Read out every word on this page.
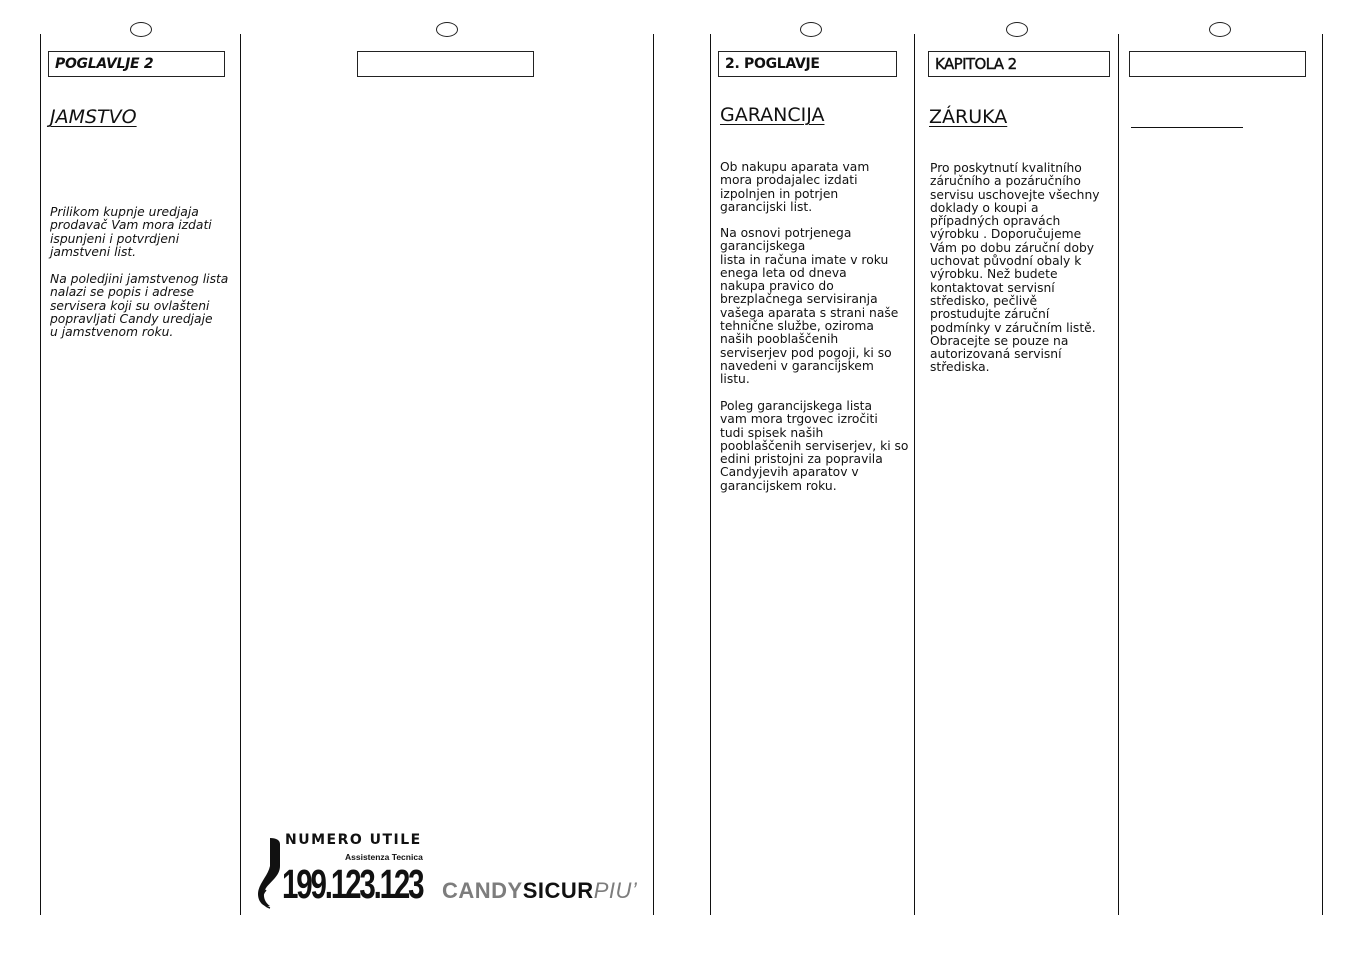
POGLAVLJE 2
JAMSTVO

Prilikom kupnje uredjaja
prodavač Vam mora izdati
ispunjeni i potvrdjeni
jamstveni list.

Na poledjini jamstvenog lista
nalazi se popis i adrese
servisera koji su ovlašteni
popravljati Candy uredjaje
u jamstvenom roku.

NUMERO UTILE
Assistenza Tecnica
199.123.123 CANDYSICURPIU’
2. POGLAVJE
GARANCIJA

Ob nakupu aparata vam
mora prodajalec izdati
izpolnjen in potrjen
garancijski list.

Na osnovi potrjenega
garancijskega
lista in računa imate v roku
enega leta od dneva
nakupa pravico do
brezplačnega servisiranja
vašega aparata s strani naše
tehnične službe, oziroma
naših pooblaščenih
serviserjev pod pogoji, ki so
navedeni v garancijskem
listu.

Poleg garancijskega lista
vam mora trgovec izročiti
tudi spisek naših
pooblaščenih serviserjev, ki so
edini pristojni za popravila
Candyjevih aparatov v
garancijskem roku.

KAPITOLA 2
ZÁRUKA

Pro poskytnutí kvalitního
záručního a pozáručního
servisu uschovejte všechny
doklady o koupi a
případných opravách
výrobku . Doporučujeme
Vám po dobu záruční doby
uchovat původní obaly k
výrobku. Než budete
kontaktovat servisní
středisko, pečlivě
prostudujte záruční
podmínky v záručním listě.
Obracejte se pouze na
autorizovaná servisní
střediska.
